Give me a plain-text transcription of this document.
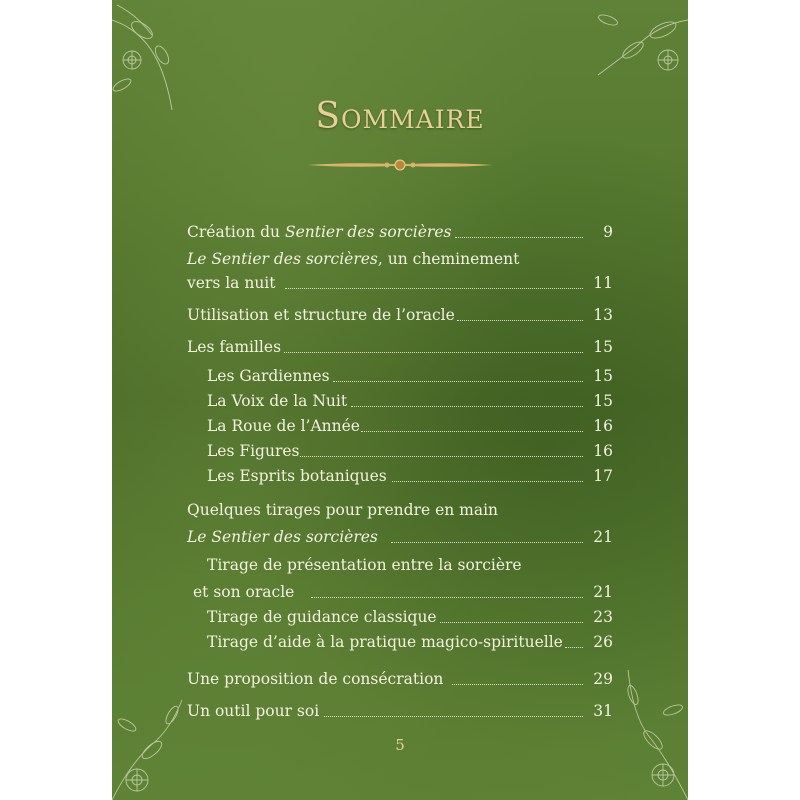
Sommaire
Création du Sentier des sorcières	9
Le Sentier des sorcières, un cheminement
vers la nuit	11
Utilisation et structure de l’oracle	13
Les familles	15
Les Gardiennes	15
La Voix de la Nuit	15
La Roue de l’Année	16
Les Figures	16
Les Esprits botaniques	17
Quelques tirages pour prendre en main
Le Sentier des sorcières	21
Tirage de présentation entre la sorcière
et son oracle	21
Tirage de guidance classique	23
Tirage d’aide à la pratique magico-spirituelle 26
Une proposition de consécration	29
Un outil pour soi	31
5
